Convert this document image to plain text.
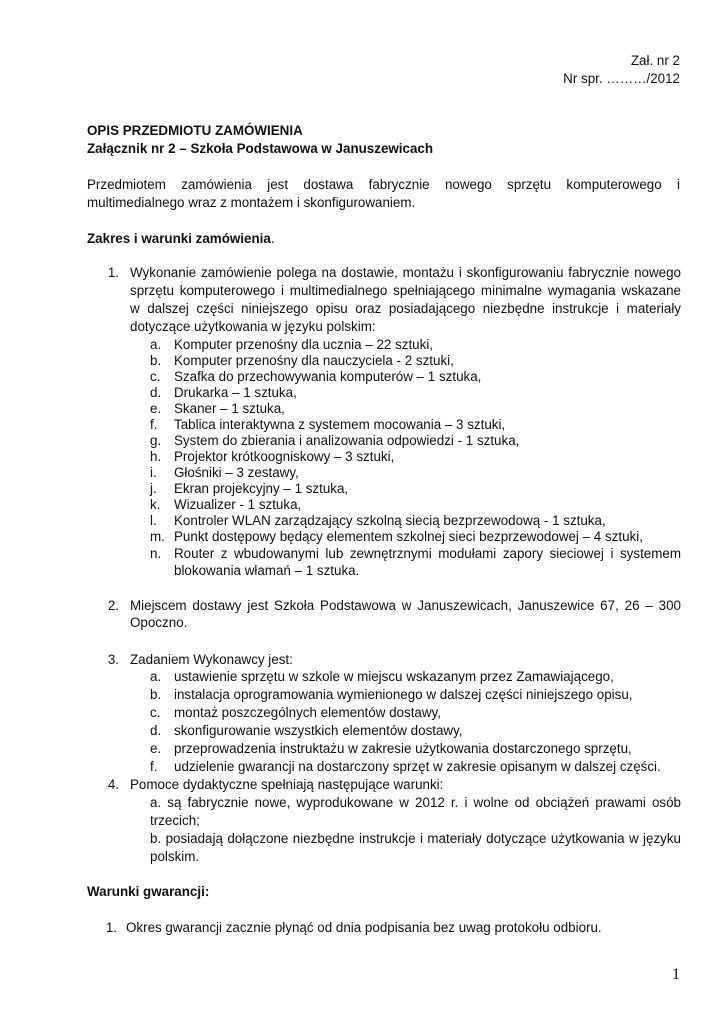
Zał. nr 2
Nr spr. ………/2012
OPIS PRZEDMIOTU ZAMÓWIENIA
Załącznik nr 2 – Szkoła Podstawowa w Januszewicach
Przedmiotem zamówienia jest dostawa fabrycznie nowego sprzętu komputerowego i
multimedialnego wraz z montażem i skonfigurowaniem.
Zakres i warunki zamówienia.
1. Wykonanie zamówienie polega na dostawie, montażu i skonfigurowaniu fabrycznie nowego
sprzętu komputerowego i multimedialnego spełniającego minimalne wymagania wskazane
w dalszej części niniejszego opisu oraz posiadającego niezbędne instrukcje i materiały
dotyczące użytkowania w języku polskim:
a. Komputer przenośny dla ucznia – 22 sztuki,
b. Komputer przenośny dla nauczyciela - 2 sztuki,
c. Szafka do przechowywania komputerów – 1 sztuka,
d. Drukarka – 1 sztuka,
e. Skaner – 1 sztuka,
f. Tablica interaktywna z systemem mocowania – 3 sztuki,
g. System do zbierania i analizowania odpowiedzi - 1 sztuka,
h. Projektor krótkoogniskowy – 3 sztuki,
i. Głośniki – 3 zestawy,
j. Ekran projekcyjny – 1 sztuka,
k. Wizualizer - 1 sztuka,
l. Kontroler WLAN zarządzający szkolną siecią bezprzewodową - 1 sztuka,
m. Punkt dostępowy będący elementem szkolnej sieci bezprzewodowej – 4 sztuki,
n. Router z wbudowanymi lub zewnętrznymi modułami zapory sieciowej i systemem
blokowania włamań – 1 sztuka.
2. Miejscem dostawy jest Szkoła Podstawowa w Januszewicach, Januszewice 67, 26 – 300
Opoczno.
3. Zadaniem Wykonawcy jest:
a. ustawienie sprzętu w szkole w miejscu wskazanym przez Zamawiającego,
b. instalacja oprogramowania wymienionego w dalszej części niniejszego opisu,
c. montaż poszczególnych elementów dostawy,
d. skonfigurowanie wszystkich elementów dostawy,
e. przeprowadzenia instruktażu w zakresie użytkowania dostarczonego sprzętu,
f. udzielenie gwarancji na dostarczony sprzęt w zakresie opisanym w dalszej części.
4. Pomoce dydaktyczne spełniają następujące warunki:
a. są fabrycznie nowe, wyprodukowane w 2012 r. i wolne od obciążeń prawami osób
trzecich;
b. posiadają dołączone niezbędne instrukcje i materiały dotyczące użytkowania w języku
polskim.
Warunki gwarancji:
1. Okres gwarancji zacznie płynąć od dnia podpisania bez uwag protokołu odbioru.
1
